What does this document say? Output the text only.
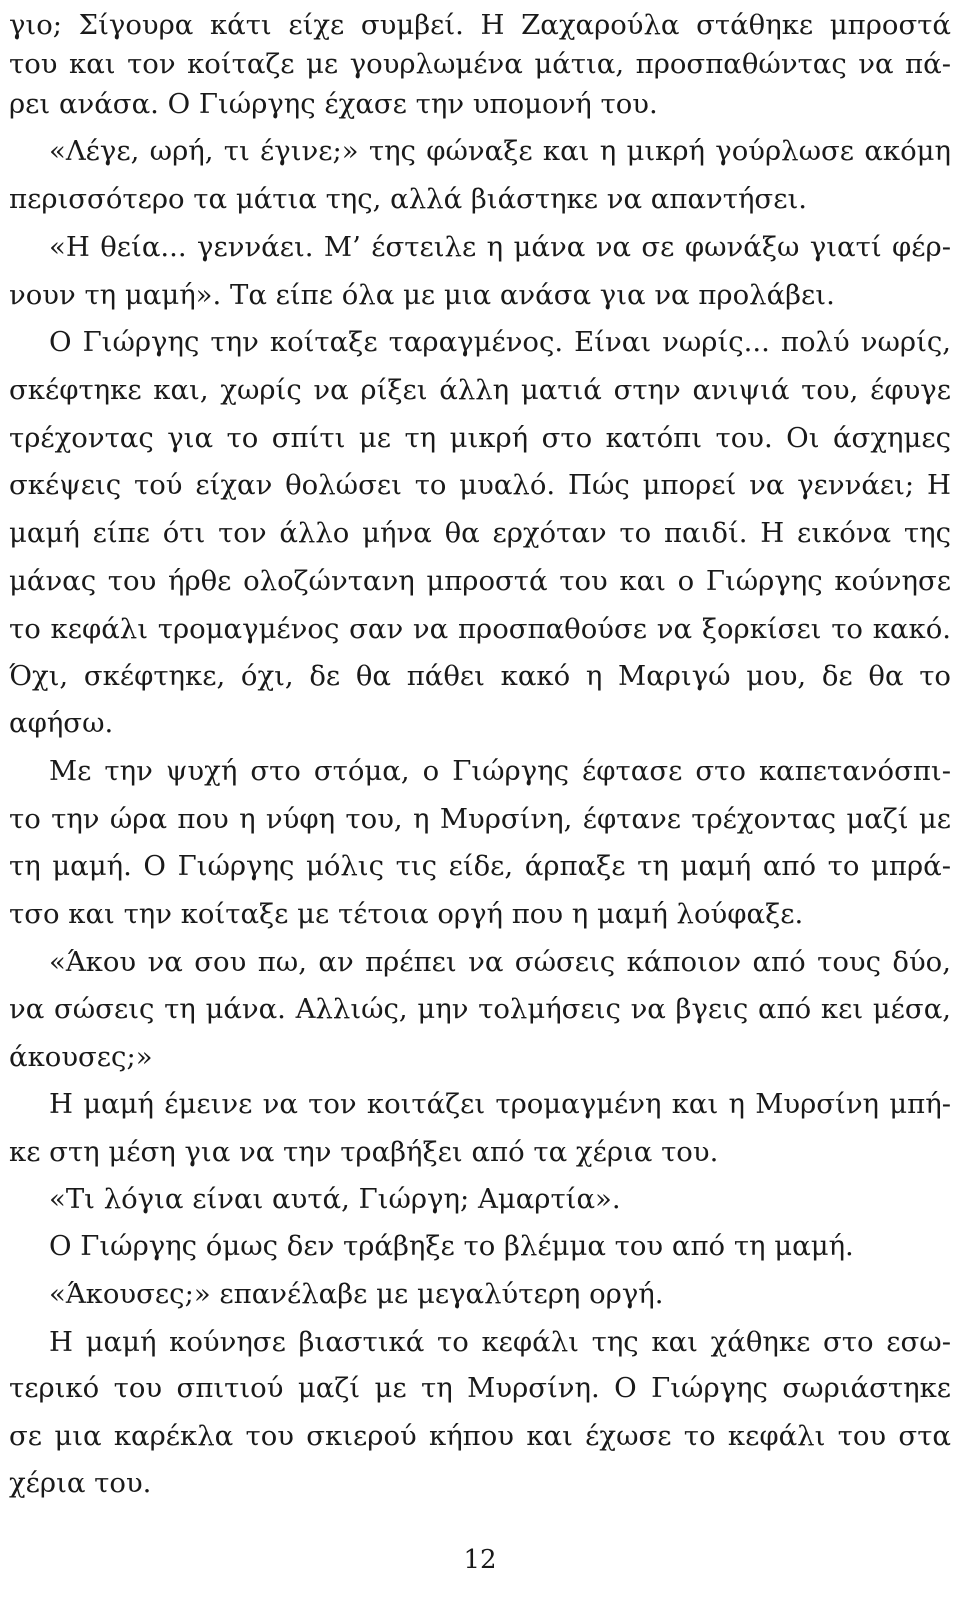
γιο; Σίγουρα κάτι είχε συμβεί. Η Ζαχαρούλα στάθηκε μπροστά
του και τον κοίταζε με γουρλωμένα μάτια, προσπαθώντας να πά-
ρει ανάσα. Ο Γιώργης έχασε την υπομονή του.
«Λέγε, ωρή, τι έγινε;» της φώναξε και η μικρή γούρλωσε ακόμη
περισσότερο τα μάτια της, αλλά βιάστηκε να απαντήσει.
«Η θεία... γεννάει. Μ’ έστειλε η μάνα να σε φωνάξω γιατί φέρ-
νουν τη μαμή». Τα είπε όλα με μια ανάσα για να προλάβει.
Ο Γιώργης την κοίταξε ταραγμένος. Είναι νωρίς... πολύ νωρίς,
σκέφτηκε και, χωρίς να ρίξει άλλη ματιά στην ανιψιά του, έφυγε
τρέχοντας για το σπίτι με τη μικρή στο κατόπι του. Οι άσχημες
σκέψεις τού είχαν θολώσει το μυαλό. Πώς μπορεί να γεννάει; Η
μαμή είπε ότι τον άλλο μήνα θα ερχόταν το παιδί. Η εικόνα της
μάνας του ήρθε ολοζώντανη μπροστά του και ο Γιώργης κούνησε
το κεφάλι τρομαγμένος σαν να προσπαθούσε να ξορκίσει το κακό.
Όχι, σκέφτηκε, όχι, δε θα πάθει κακό η Μαριγώ μου, δε θα το
αφήσω.
Με την ψυχή στο στόμα, ο Γιώργης έφτασε στο καπετανόσπι-
το την ώρα που η νύφη του, η Μυρσίνη, έφτανε τρέχοντας μαζί με
τη μαμή. Ο Γιώργης μόλις τις είδε, άρπαξε τη μαμή από το μπρά-
τσο και την κοίταξε με τέτοια οργή που η μαμή λούφαξε.
«Άκου να σου πω, αν πρέπει να σώσεις κάποιον από τους δύο,
να σώσεις τη μάνα. Αλλιώς, μην τολμήσεις να βγεις από κει μέσα,
άκουσες;»
Η μαμή έμεινε να τον κοιτάζει τρομαγμένη και η Μυρσίνη μπή-
κε στη μέση για να την τραβήξει από τα χέρια του.
«Τι λόγια είναι αυτά, Γιώργη; Αμαρτία».
Ο Γιώργης όμως δεν τράβηξε το βλέμμα του από τη μαμή.
«Άκουσες;» επανέλαβε με μεγαλύτερη οργή.
Η μαμή κούνησε βιαστικά το κεφάλι της και χάθηκε στο εσω-
τερικό του σπιτιού μαζί με τη Μυρσίνη. Ο Γιώργης σωριάστηκε
σε μια καρέκλα του σκιερού κήπου και έχωσε το κεφάλι του στα
χέρια του.
12
